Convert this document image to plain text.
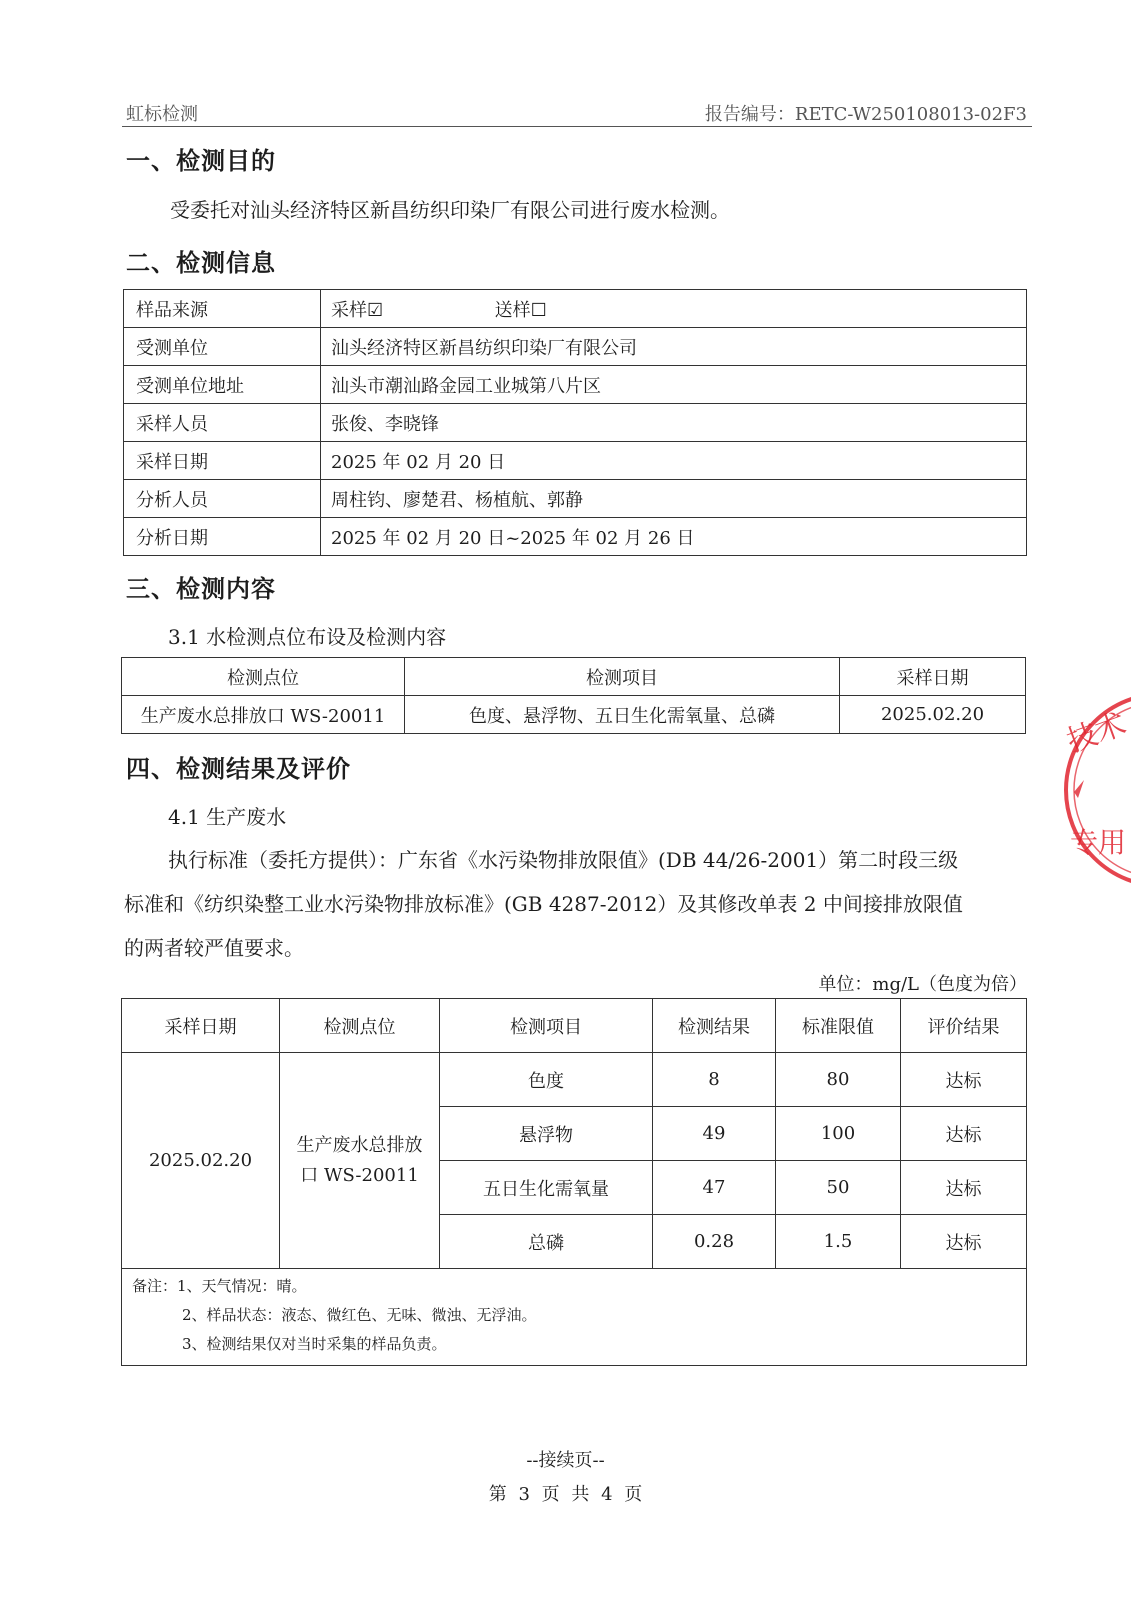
虹标检测	报告编号：RETC-W250108013-02F3
一、检测目的
受委托对汕头经济特区新昌纺织印染厂有限公司进行废水检测。
二、检测信息
样品来源	采样☑ 送样☐
受测单位	汕头经济特区新昌纺织印染厂有限公司
受测单位地址	汕头市潮汕路金园工业城第八片区
采样人员	张俊、李晓锋
采样日期	2025 年 02 月 20 日
分析人员	周柱钧、廖楚君、杨植航、郭静
分析日期	2025 年 02 月 20 日~2025 年 02 月 26 日
三、检测内容
3.1 水检测点位布设及检测内容
检测点位	检测项目	采样日期
生产废水总排放口 WS-20011	色度、悬浮物、五日生化需氧量、总磷	2025.02.20
四、检测结果及评价
4.1 生产废水
执行标准（委托方提供）：广东省《水污染物排放限值》(DB 44/26-2001）第二时段三级
标准和《纺织染整工业水污染物排放标准》(GB 4287-2012）及其修改单表 2 中间接排放限值
的两者较严值要求。
单位：mg/L（色度为倍）
采样日期	检测点位	检测项目	检测结果	标准限值	评价结果
2025.02.20	生产废水总排放
口 WS-20011	色度	8	80	达标
		悬浮物	49	100	达标
		五日生化需氧量	47	50	达标
		总磷	0.28	1.5	达标

备注：1、天气情况：晴。
2、样品状态：液态、微红色、无味、微浊、无浮油。
3、检测结果仅对当时采集的样品负责。					
--接续页--
第 3 页 共 4 页
技术
专用
